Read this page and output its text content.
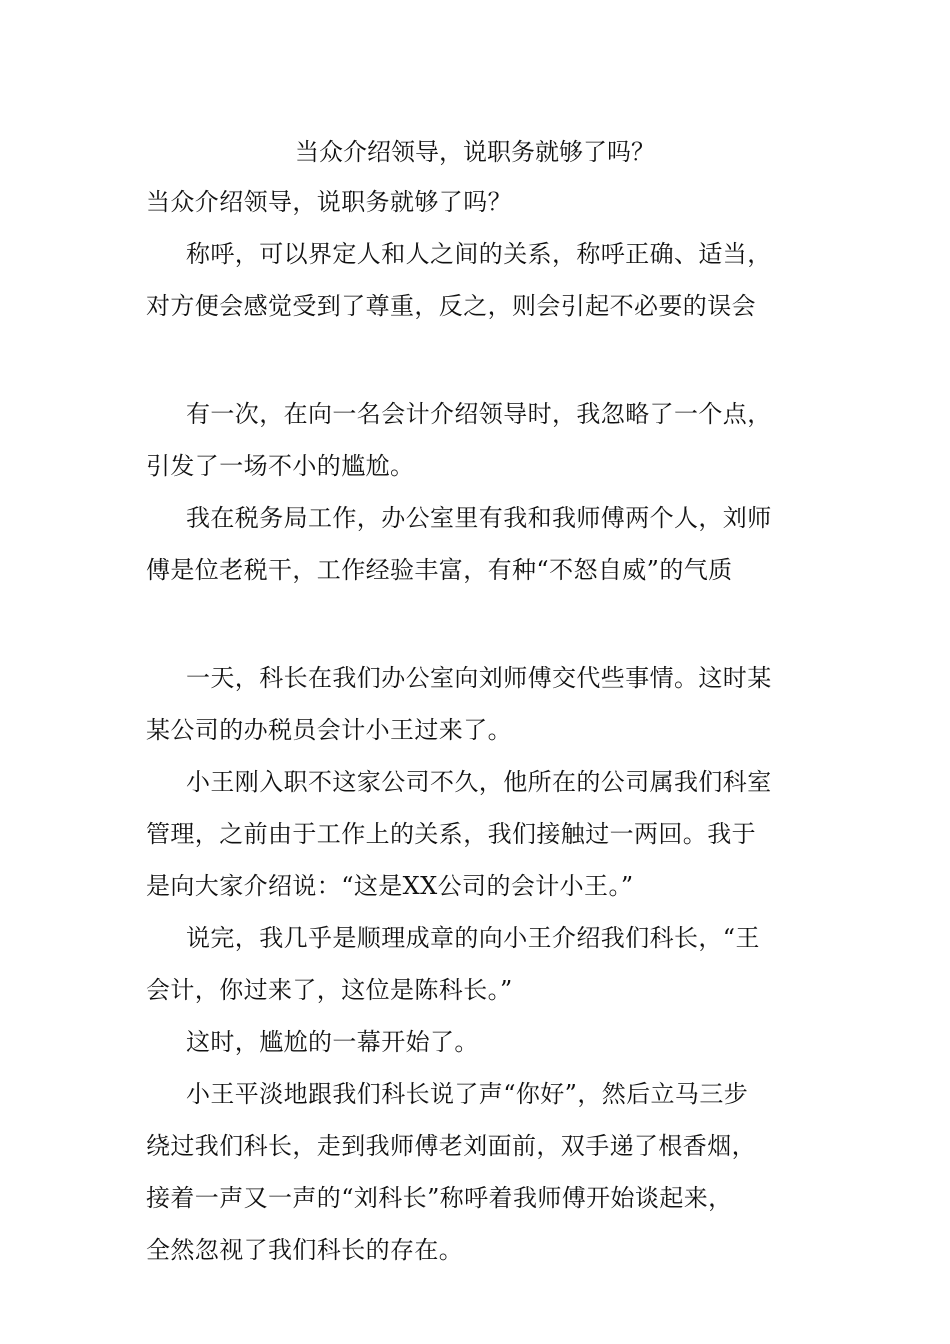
当众介绍领导，说职务就够了吗？
当众介绍领导，说职务就够了吗？
称呼，可以界定人和人之间的关系，称呼正确、适当，
对方便会感觉受到了尊重，反之，则会引起不必要的误会
有一次，在向一名会计介绍领导时，我忽略了一个点，
引发了一场不小的尴尬。
我在税务局工作，办公室里有我和我师傅两个人，刘师
傅是位老税干，工作经验丰富，有种“不怒自威”的气质
一天，科长在我们办公室向刘师傅交代些事情。这时某
某公司的办税员会计小王过来了。
小王刚入职不这家公司不久，他所在的公司属我们科室
管理，之前由于工作上的关系，我们接触过一两回。我于
是向大家介绍说：“这是XX公司的会计小王。”
说完，我几乎是顺理成章的向小王介绍我们科长，“王
会计，你过来了，这位是陈科长。”
这时，尴尬的一幕开始了。
小王平淡地跟我们科长说了声“你好”，然后立马三步
绕过我们科长，走到我师傅老刘面前，双手递了根香烟，
接着一声又一声的“刘科长”称呼着我师傅开始谈起来，
全然忽视了我们科长的存在。
